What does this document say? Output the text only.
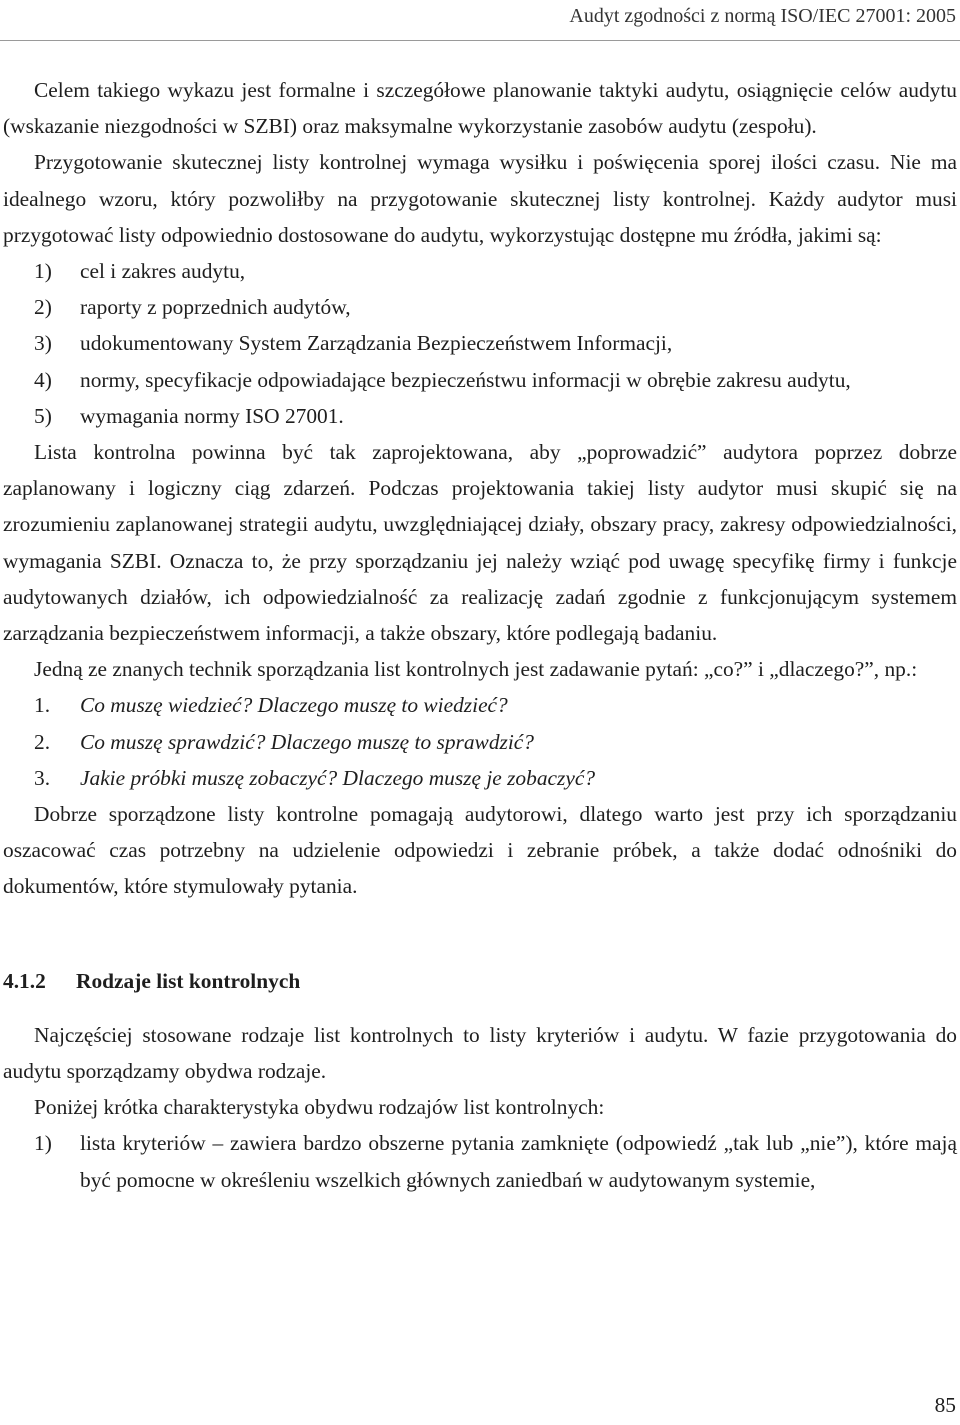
Audyt zgodności z normą ISO/IEC 27001: 2005

Celem takiego wykazu jest formalne i szczegółowe planowanie taktyki audytu, osiągnięcie celów audytu (wskazanie niezgodności w SZBI) oraz maksymalne wykorzystanie zasobów audytu (zespołu).

Przygotowanie skutecznej listy kontrolnej wymaga wysiłku i poświęcenia sporej ilości czasu. Nie ma idealnego wzoru, który pozwoliłby na przygotowanie skutecznej listy kontrolnej. Każdy audytor musi przygotować listy odpowiednio dostosowane do audytu, wykorzystując dostępne mu źródła, jakimi są:

1) cel i zakres audytu,
2) raporty z poprzednich audytów,
3) udokumentowany System Zarządzania Bezpieczeństwem Informacji,
4) normy, specyfikacje odpowiadające bezpieczeństwu informacji w obrębie zakresu audytu,
5) wymagania normy ISO 27001.

Lista kontrolna powinna być tak zaprojektowana, aby „poprowadzić” audytora poprzez dobrze zaplanowany i logiczny ciąg zdarzeń. Podczas projektowania takiej listy audytor musi skupić się na zrozumieniu zaplanowanej strategii audytu, uwzględniającej działy, obszary pracy, zakresy odpowiedzialności, wymagania SZBI. Oznacza to, że przy sporządzaniu jej należy wziąć pod uwagę specyfikę firmy i funkcje audytowanych działów, ich odpowiedzialność za realizację zadań zgodnie z funkcjonującym systemem zarządzania bezpieczeństwem informacji, a także obszary, które podlegają badaniu.

Jedną ze znanych technik sporządzania list kontrolnych jest zadawanie pytań: „co?” i „dlaczego?”, np.:

1. Co muszę wiedzieć? Dlaczego muszę to wiedzieć?
2. Co muszę sprawdzić? Dlaczego muszę to sprawdzić?
3. Jakie próbki muszę zobaczyć? Dlaczego muszę je zobaczyć?

Dobrze sporządzone listy kontrolne pomagają audytorowi, dlatego warto jest przy ich sporządzaniu oszacować czas potrzebny na udzielenie odpowiedzi i zebranie próbek, a także dodać odnośniki do dokumentów, które stymulowały pytania.

4.1.2 Rodzaje list kontrolnych

Najczęściej stosowane rodzaje list kontrolnych to listy kryteriów i audytu. W fazie przygotowania do audytu sporządzamy obydwa rodzaje.

Poniżej krótka charakterystyka obydwu rodzajów list kontrolnych:

1) lista kryteriów – zawiera bardzo obszerne pytania zamknięte (odpowiedź „tak lub „nie”), które mają być pomocne w określeniu wszelkich głównych zaniedbań w audytowanym systemie,
85
